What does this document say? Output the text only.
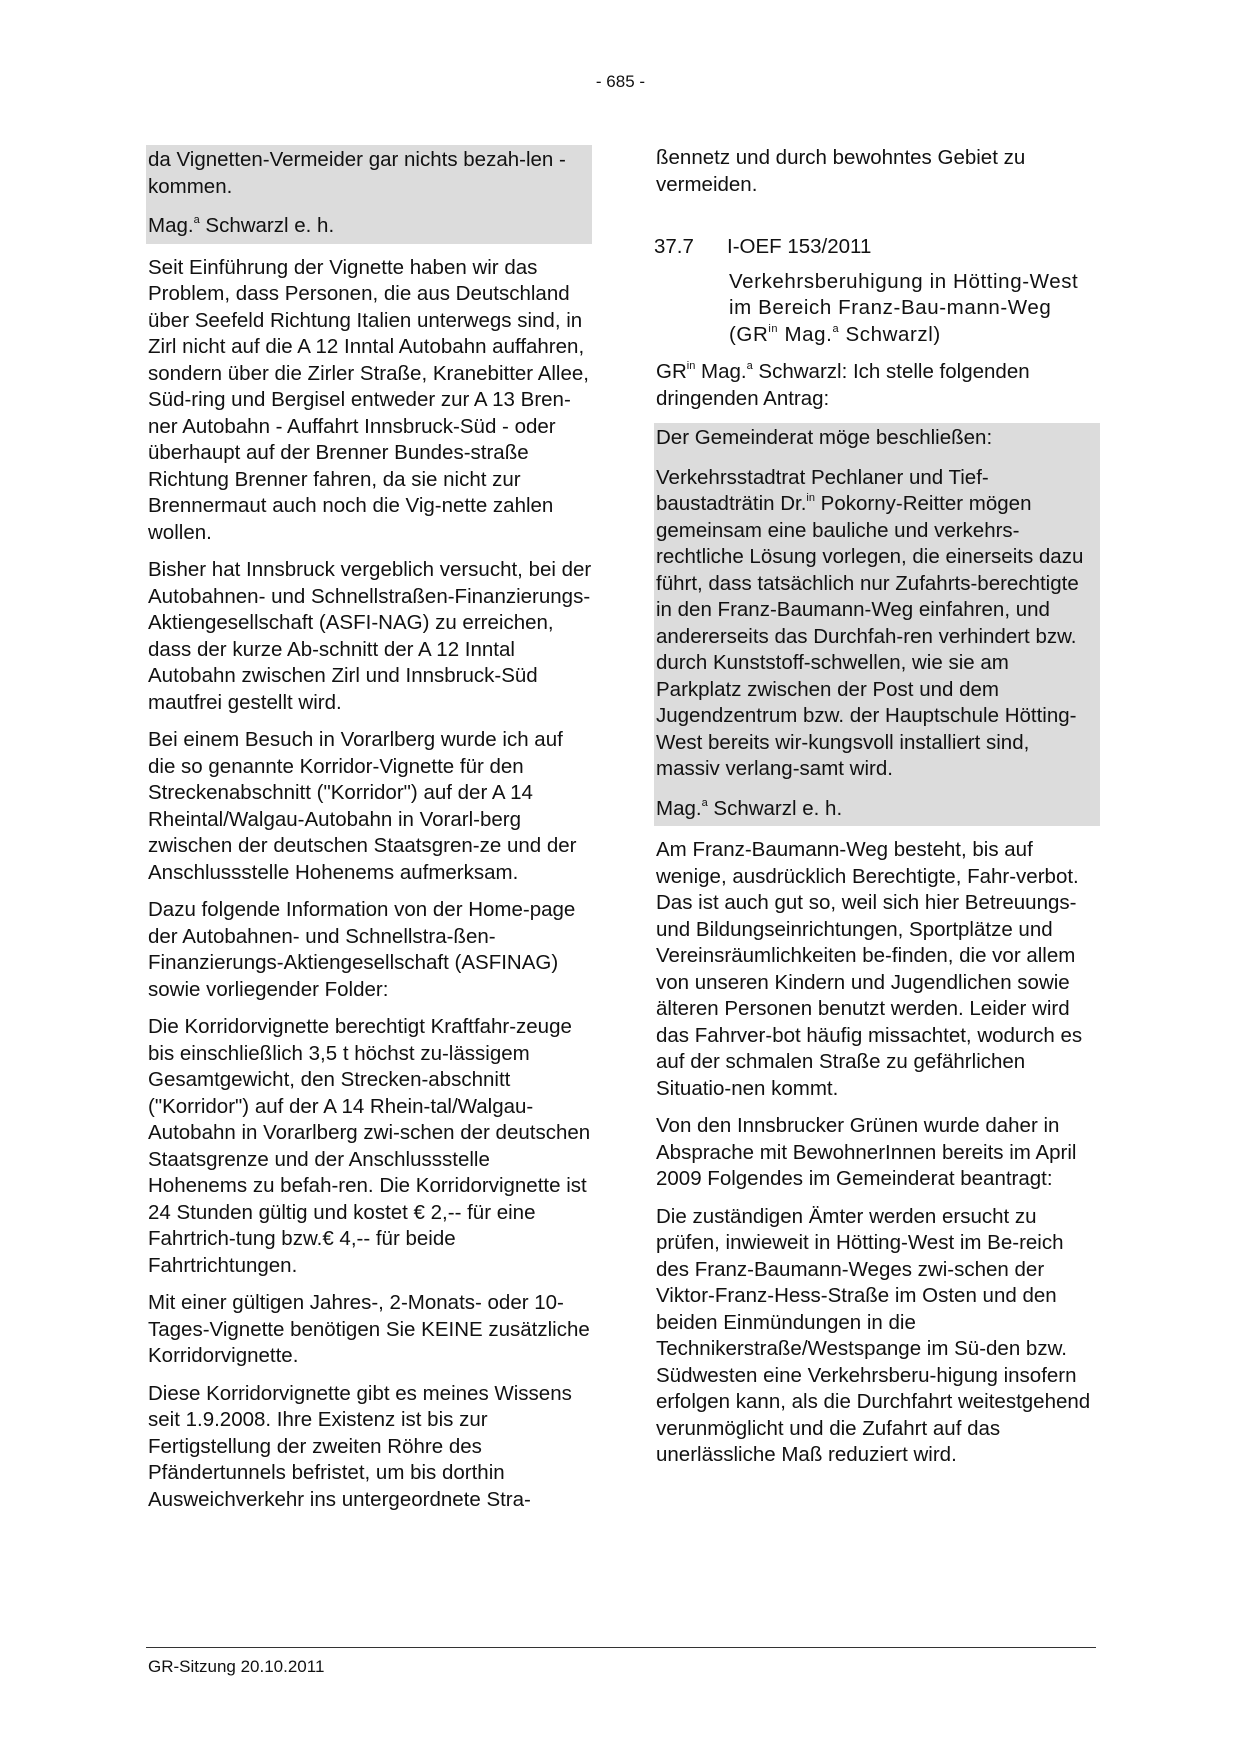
- 685 -

da Vignetten-Vermeider gar nichts bezah-len - kommen.

Mag.$^a$ Schwarzl e. h.

Seit Einführung der Vignette haben wir das Problem, dass Personen, die aus Deutschland über Seefeld Richtung Italien unterwegs sind, in Zirl nicht auf die A 12 Inntal Autobahn auffahren, sondern über die Zirler Straße, Kranebitter Allee, Süd-ring und Bergisel entweder zur A 13 Bren-ner Autobahn - Auffahrt Innsbruck-Süd - oder überhaupt auf der Brenner Bundes-straße Richtung Brenner fahren, da sie nicht zur Brennermaut auch noch die Vig-nette zahlen wollen.

Bisher hat Innsbruck vergeblich versucht, bei der Autobahnen- und Schnellstraßen-Finanzierungs-Aktiengesellschaft (ASFI-NAG) zu erreichen, dass der kurze Ab-schnitt der A 12 Inntal Autobahn zwischen Zirl und Innsbruck-Süd mautfrei gestellt wird.

Bei einem Besuch in Vorarlberg wurde ich auf die so genannte Korridor-Vignette für den Streckenabschnitt ("Korridor") auf der A 14 Rheintal/Walgau-Autobahn in Vorarl-berg zwischen der deutschen Staatsgren-ze und der Anschlussstelle Hohenems aufmerksam.

Dazu folgende Information von der Home-page der Autobahnen- und Schnellstra-ßen-Finanzierungs-Aktiengesellschaft (ASFINAG) sowie vorliegender Folder:

Die Korridorvignette berechtigt Kraftfahr-zeuge bis einschließlich 3,5 t höchst zu-lässigem Gesamtgewicht, den Strecken-abschnitt ("Korridor") auf der A 14 Rhein-tal/Walgau-Autobahn in Vorarlberg zwi-schen der deutschen Staatsgrenze und der Anschlussstelle Hohenems zu befah-ren. Die Korridorvignette ist 24 Stunden gültig und kostet € 2,-- für eine Fahrtrich-tung bzw.€ 4,-- für beide Fahrtrichtungen.

Mit einer gültigen Jahres-, 2-Monats- oder 10-Tages-Vignette benötigen Sie KEINE zusätzliche Korridorvignette.

Diese Korridorvignette gibt es meines Wissens seit 1.9.2008. Ihre Existenz ist bis zur Fertigstellung der zweiten Röhre des Pfändertunnels befristet, um bis dorthin Ausweichverkehr ins untergeordnete Stra-

ßennetz und durch bewohntes Gebiet zu vermeiden.

37.7	I-OEF 153/2011

Verkehrsberuhigung in Hötting-West im Bereich Franz-Bau-mann-Weg ($GR^{in}$ Mag.$^a$ Schwarzl)

$GR^{in}$ Mag.$^a$ Schwarzl: Ich stelle folgenden dringenden Antrag:

Der Gemeinderat möge beschließen:

Verkehrsstadtrat Pechlaner und Tief-baustadträtin Dr.$^{in}$ Pokorny-Reitter mögen gemeinsam eine bauliche und verkehrs-rechtliche Lösung vorlegen, die einerseits dazu führt, dass tatsächlich nur Zufahrts-berechtigte in den Franz-Baumann-Weg einfahren, und andererseits das Durchfah-ren verhindert bzw. durch Kunststoff-schwellen, wie sie am Parkplatz zwischen der Post und dem Jugendzentrum bzw. der Hauptschule Hötting-West bereits wir-kungsvoll installiert sind, massiv verlang-samt wird.

Mag.$^a$ Schwarzl e. h.

Am Franz-Baumann-Weg besteht, bis auf wenige, ausdrücklich Berechtigte, Fahr-verbot. Das ist auch gut so, weil sich hier Betreuungs- und Bildungseinrichtungen, Sportplätze und Vereinsräumlichkeiten be-finden, die vor allem von unseren Kindern und Jugendlichen sowie älteren Personen benutzt werden. Leider wird das Fahrver-bot häufig missachtet, wodurch es auf der schmalen Straße zu gefährlichen Situatio-nen kommt.

Von den Innsbrucker Grünen wurde daher in Absprache mit BewohnerInnen bereits im April 2009 Folgendes im Gemeinderat beantragt:

Die zuständigen Ämter werden ersucht zu prüfen, inwieweit in Hötting-West im Be-reich des Franz-Baumann-Weges zwi-schen der Viktor-Franz-Hess-Straße im Osten und den beiden Einmündungen in die Technikerstraße/Westspange im Sü-den bzw. Südwesten eine Verkehrsberu-higung insofern erfolgen kann, als die Durchfahrt weitestgehend verunmöglicht und die Zufahrt auf das unerlässliche Maß reduziert wird.

GR-Sitzung 20.10.2011
